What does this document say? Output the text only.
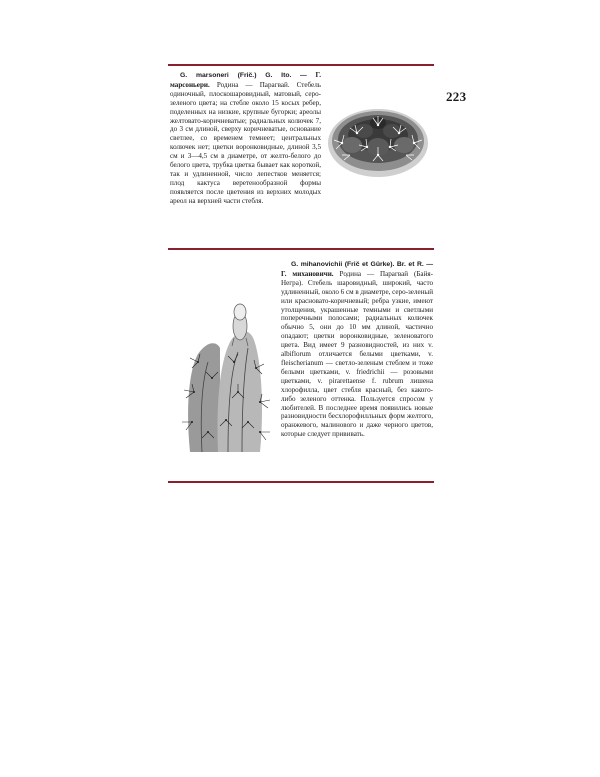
223
G. marsoneri (Frič.) G. Ito. — Г. марсоньери. Родина — Парагвай. Стебель одиночный, плоскошаровидный, матовый, серо-зеленого цвета; на стебле около 15 косых ребер, поделенных на низкие, крупные бугорки; ареолы желтовато-коричневатые; радиальных колючек 7, до 3 см длиной, сверху коричневатые, основание светлее, со временем темнеет; центральных колючек нет; цветки воронковидные, длиной 3,5 см и 3—4,5 см в диаметре, от желто-белого до белого цвета, трубка цветка бывает как короткой, так и удлиненной, число лепестков меняется; плод кактуса веретенообразной формы появляется после цветения из верхних молодых ареол на верхней части стебля.
G. mihanovichii (Frič et Gürke). Br. et R. — Г. михановичи. Родина — Парагвай (Байя-Негра). Стебель шаровидный, широкий, часто удлиненный, около 6 см в диаметре, серо-зеленый или красновато-коричневый; ребра узкие, имеют утолщения, украшенные темными и светлыми поперечными полосами; радиальных колючек обычно 5, они до 10 мм длиной, частично опадают; цветки воронковидные, зеленоватого цвета. Вид имеет 9 разновидностей, из них v. albiflorum отличается белыми цветками, v. fleischerianum — светло-зеленым стеблем и тоже белыми цветками, v. friedrichii — розовыми цветками, v. pirarettaense f. rubrum лишена хлорофилла, цвет стебля красный, без какого-либо зеленого оттенка. Пользуется спросом у любителей. В последнее время появились новые разновидности бесхлорофилльных форм желтого, оранжевого, малинового и даже черного цветов, которые следует прививать.
